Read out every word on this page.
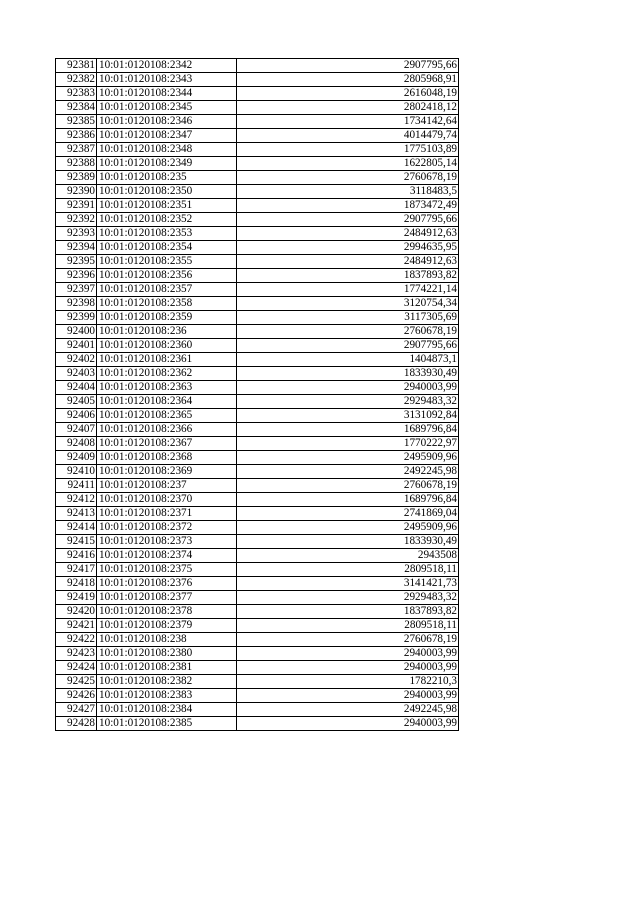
92381	10:01:0120108:2342	2907795,66
92382	10:01:0120108:2343	2805968,91
92383	10:01:0120108:2344	2616048,19
92384	10:01:0120108:2345	2802418,12
92385	10:01:0120108:2346	1734142,64
92386	10:01:0120108:2347	4014479,74
92387	10:01:0120108:2348	1775103,89
92388	10:01:0120108:2349	1622805,14
92389	10:01:0120108:235	2760678,19
92390	10:01:0120108:2350	3118483,5
92391	10:01:0120108:2351	1873472,49
92392	10:01:0120108:2352	2907795,66
92393	10:01:0120108:2353	2484912,63
92394	10:01:0120108:2354	2994635,95
92395	10:01:0120108:2355	2484912,63
92396	10:01:0120108:2356	1837893,82
92397	10:01:0120108:2357	1774221,14
92398	10:01:0120108:2358	3120754,34
92399	10:01:0120108:2359	3117305,69
92400	10:01:0120108:236	2760678,19
92401	10:01:0120108:2360	2907795,66
92402	10:01:0120108:2361	1404873,1
92403	10:01:0120108:2362	1833930,49
92404	10:01:0120108:2363	2940003,99
92405	10:01:0120108:2364	2929483,32
92406	10:01:0120108:2365	3131092,84
92407	10:01:0120108:2366	1689796,84
92408	10:01:0120108:2367	1770222,97
92409	10:01:0120108:2368	2495909,96
92410	10:01:0120108:2369	2492245,98
92411	10:01:0120108:237	2760678,19
92412	10:01:0120108:2370	1689796,84
92413	10:01:0120108:2371	2741869,04
92414	10:01:0120108:2372	2495909,96
92415	10:01:0120108:2373	1833930,49
92416	10:01:0120108:2374	2943508
92417	10:01:0120108:2375	2809518,11
92418	10:01:0120108:2376	3141421,73
92419	10:01:0120108:2377	2929483,32
92420	10:01:0120108:2378	1837893,82
92421	10:01:0120108:2379	2809518,11
92422	10:01:0120108:238	2760678,19
92423	10:01:0120108:2380	2940003,99
92424	10:01:0120108:2381	2940003,99
92425	10:01:0120108:2382	1782210,3
92426	10:01:0120108:2383	2940003,99
92427	10:01:0120108:2384	2492245,98
92428	10:01:0120108:2385	2940003,99
